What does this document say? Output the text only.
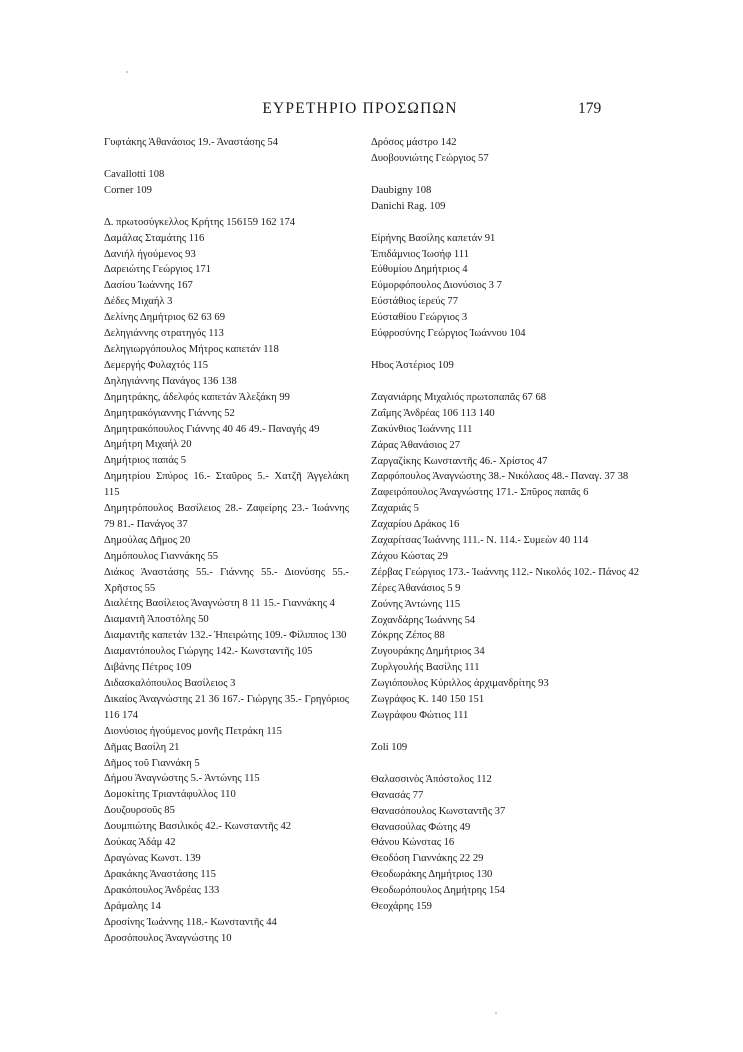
ΕΥΡΕΤΗΡΙΟ ΠΡΟΣΩΠΩΝ	179
Γυφτάκης Άθανάσιος 19.- Άναστάσης 54
Cavallotti 108
Corner 109
Δ. πρωτοσύγκελλος Κρήτης 156159 162 174
Δαμάλας Σταμάτης 116
Δανιήλ ήγούμενος 93
Δαρειώτης Γεώργιος 171
Δασίου Ίωάννης 167
Δέδες Μιχαήλ 3
Δελίνης Δημήτριος 62 63 69
Δεληγιάννης στρατηγός 113
Δεληγιωργόπουλος Μήτρος καπετάν 118
Δεμεργής Φυλαχτός 115
Δηληγιάννης Πανάγος 136 138
Δημητράκης, άδελφός καπετάν Άλεξάκη 99
Δημητρακόγιαννης Γιάννης 52
Δημητρακόπουλος Γιάννης 40 46 49.- Παναγής 49
Δημήτρη Μιχαήλ 20
Δημήτριος παπάς 5
Δημητρίου Σπύρος 16.- Σταῦρος 5.- Χατζῆ Άγγελάκη 115
Δημητρόπουλος Βασίλειος 28.- Ζαφείρης 23.- Ίωάννης 79 81.- Πανάγος 37
Δημούλας Δῆμος 20
Δημόπουλος Γιαννάκης 55
Διάκος Άναστάσης 55.- Γιάννης 55.- Διονύσης 55.- Χρῆστος 55
Διαλέτης Βασίλειος Άναγνώστη 8 11 15.- Γιαννάκης 4
Διαμαντῆ Άποστόλης 50
Διαμαντῆς καπετάν 132.- Ήπειρώτης 109.- Φίλιππος 130
Διαμαντόπουλος Γιώργης 142.- Κωνσταντῆς 105
Διβάνης Πέτρος 109
Διδασκαλόπουλος Βασίλειος 3
Δικαίος Άναγνώστης 21 36 167.- Γιώργης 35.- Γρηγόριος 116 174
Διονύσιος ήγούμενος μονῆς Πετράκη 115
Δῆμας Βασίλη 21
Δῆμος τοῦ Γιαννάκη 5
Δήμου Άναγνώστης 5.- Άντώνης 115
Δομοκίτης Τριαντάφυλλος 110
Δουζουρσοῦς 85
Δουμπιώτης Βασιλικός 42.- Κωνσταντῆς 42
Δούκας Άδάμ 42
Δραγώνας Κωνστ. 139
Δρακάκης Άναστάσης 115
Δρακόπουλος Άνδρέας 133
Δράμαλης 14
Δροσίνης Ίωάννης 118.- Κωνσταντῆς 44
Δροσόπουλος Άναγνώστης 10
Δρόσος μάστρο 142
Δυοβουνιώτης Γεώργιος 57
Daubigny 108
Danichi Rag. 109
Είρήνης Βασίλης καπετάν 91
Έπιδάμνιος Ίωσήφ 111
Εύθυμίου Δημήτριος 4
Εύμορφόπουλος Διονύσιος 3 7
Εύστάθιος ίερεύς 77
Εύσταθίου Γεώργιος 3
Εύφροσύνης Γεώργιος Ίωάννου 104
Ηbος Άστέριος 109
Ζαγανιάρης Μιχαλιός πρωτοπαπᾶς 67 68
Ζαΐμης Άνδρέας 106 113 140
Ζακύνθιος Ίωάννης 111
Ζάρας Άθανάσιος 27
Ζαργαζίκης Κωνσταντῆς 46.- Χρίστος 47
Ζαρφόπουλος Άναγνώστης 38.- Νικόλαος 48.- Παναγ. 37 38
Ζαφειρόπουλος Άναγνώστης 171.- Σπῦρος παπᾶς 6
Ζαχαριάς 5
Ζαχαρίου Δράκος 16
Ζαχαρίτσας Ίωάννης 111.- Ν. 114.- Συμεὼν 40 114
Ζάχου Κώστας 29
Ζέρβας Γεώργιος 173.- Ίωάννης 112.- Νικολός 102.- Πάνος 42
Ζέρες Άθανάσιος 5 9
Ζούνης Άντώνης 115
Ζοχανδάρης Ίωάννης 54
Ζόκρης Ζέπος 88
Ζυγουράκης Δημήτριος 34
Ζυρλγουλής Βασίλης 111
Ζωγιόπουλος Κύριλλος άρχιμανδρίτης 93
Ζωγράφος Κ. 140 150 151
Ζωγράφου Φώτιος 111
Zoli 109
Θαλασσινὸς Άπόστολος 112
Θανασάς 77
Θανασόπουλος Κωνσταντῆς 37
Θανασούλας Φώτης 49
Θάνου Κώνστας 16
Θεοδόση Γιαννάκης 22 29
Θεοδωράκης Δημήτριος 130
Θεοδωρόπουλος Δημήτρης 154
Θεοχάρης 159
